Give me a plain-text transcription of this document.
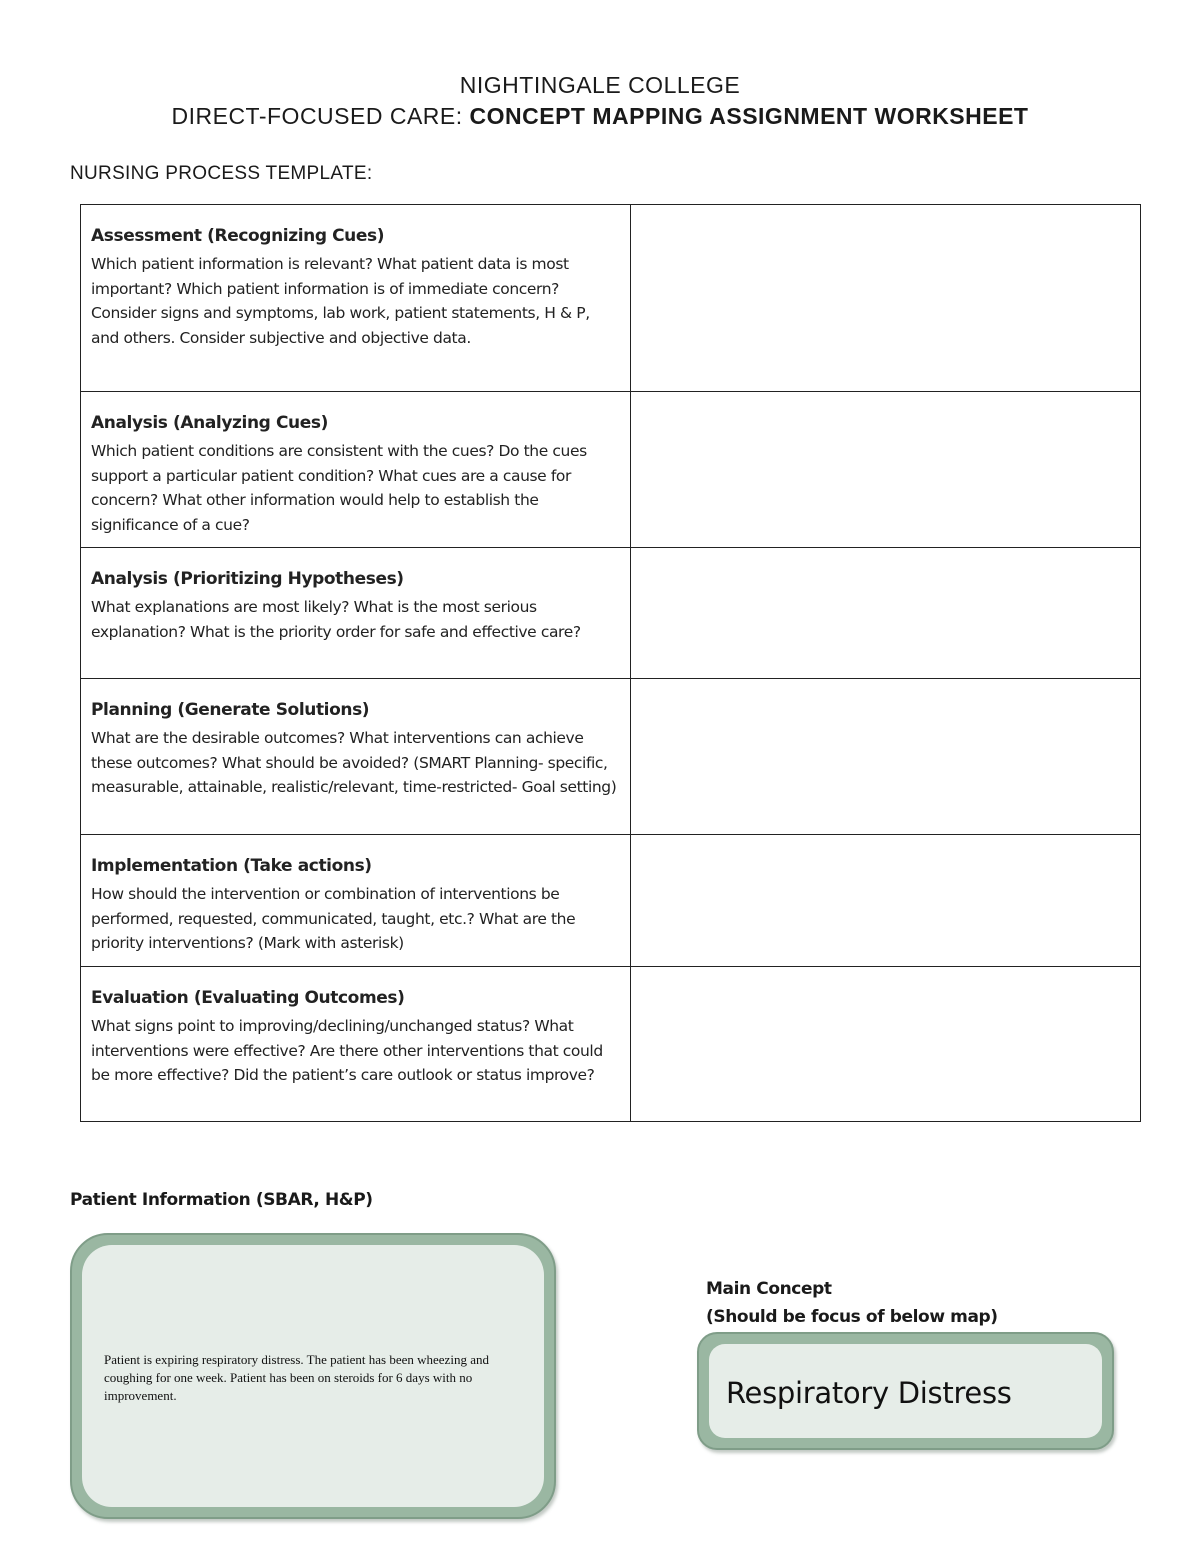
NIGHTINGALE COLLEGE
DIRECT-FOCUSED CARE: CONCEPT MAPPING ASSIGNMENT WORKSHEET
NURSING PROCESS TEMPLATE:
Assessment (Recognizing Cues)
Which patient information is relevant? What patient data is most important? Which patient information is of immediate concern? Consider signs and symptoms, lab work, patient statements, H & P, and others. Consider subjective and objective data.	

Analysis (Analyzing Cues)
Which patient conditions are consistent with the cues? Do the cues support a particular patient condition? What cues are a cause for concern? What other information would help to establish the significance of a cue?	

Analysis (Prioritizing Hypotheses)
What explanations are most likely? What is the most serious explanation? What is the priority order for safe and effective care?	

Planning (Generate Solutions)
What are the desirable outcomes? What interventions can achieve these outcomes? What should be avoided? (SMART Planning- specific, measurable, attainable, realistic/relevant, time-restricted- Goal setting)	

Implementation (Take actions)
How should the intervention or combination of interventions be performed, requested, communicated, taught, etc.? What are the priority interventions? (Mark with asterisk)	

Evaluation (Evaluating Outcomes)
What signs point to improving/declining/unchanged status? What interventions were effective? Are there other interventions that could be more effective? Did the patient’s care outlook or status improve?	

Patient Information (SBAR, H&P)
Patient is expiring respiratory distress. The patient has been wheezing and coughing for one week. Patient has been on steroids for 6 days with no improvement.
Main Concept
(Should be focus of below map)
Respiratory Distress
